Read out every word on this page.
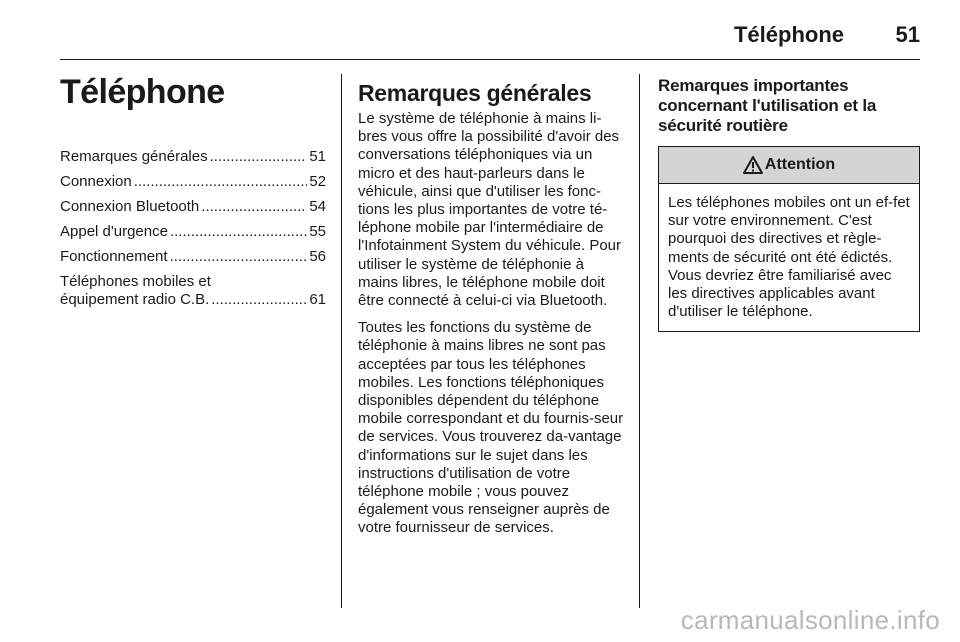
Téléphone 51
Téléphone
Remarques générales .....	51
Connexion .....	52
Connexion Bluetooth .....	54
Appel d'urgence .....	55
Fonctionnement .....	56
Téléphones mobiles et
équipement radio C.B. .....	61
Remarques générales

Le système de téléphonie à mains li-bres vous offre la possibilité d'avoir des conversations téléphoniques via un micro et des haut-parleurs dans le véhicule, ainsi que d'utiliser les fonc-tions les plus importantes de votre té-léphone mobile par l'intermédiaire de l'Infotainment System du véhicule. Pour utiliser le système de téléphonie à mains libres, le téléphone mobile doit être connecté à celui-ci via Bluetooth.

Toutes les fonctions du système de téléphonie à mains libres ne sont pas acceptées par tous les téléphones mobiles. Les fonctions téléphoniques disponibles dépendent du téléphone mobile correspondant et du fournis-seur de services. Vous trouverez da-vantage d'informations sur le sujet dans les instructions d'utilisation de votre téléphone mobile ; vous pouvez également vous renseigner auprès de votre fournisseur de services.

Remarques importantes concernant l'utilisation et la sécurité routière
Attention
Les téléphones mobiles ont un ef-fet sur votre environnement. C'est pourquoi des directives et règle-ments de sécurité ont été édictés. Vous devriez être familiarisé avec les directives applicables avant d'utiliser le téléphone.
carmanualsonline.info
